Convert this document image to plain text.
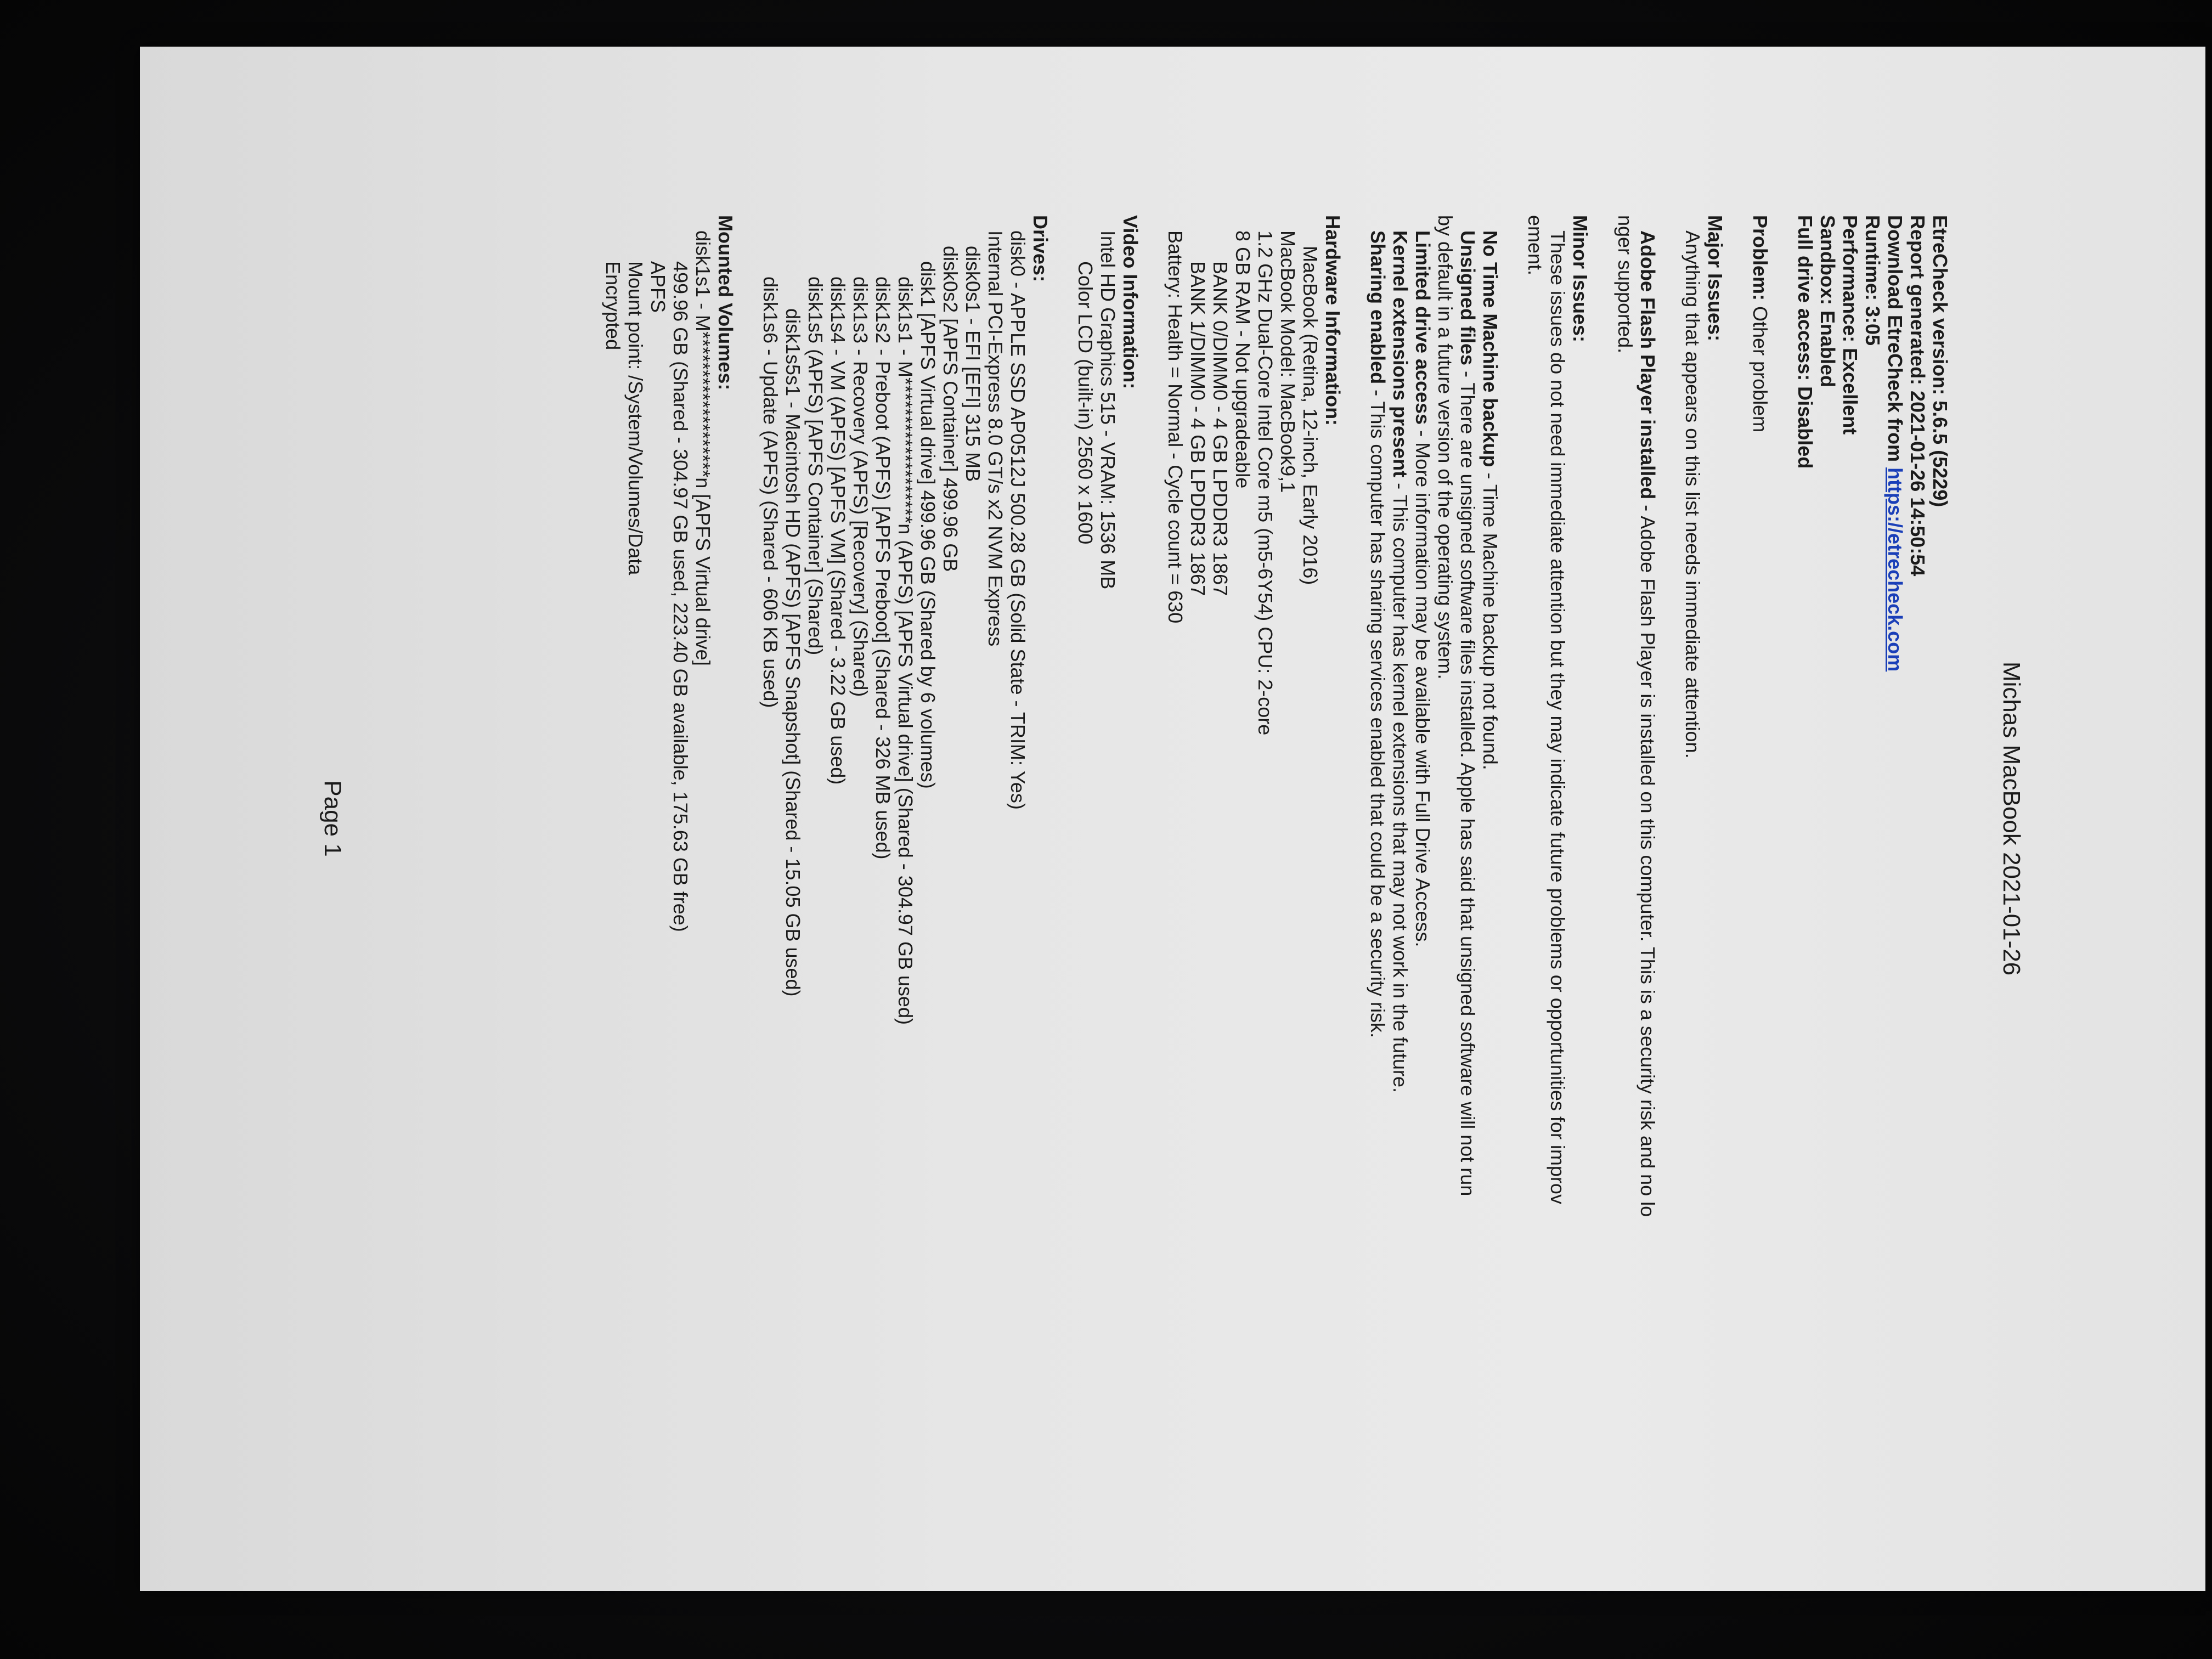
Michas MacBook 2021-01-26
EtreCheck version: 5.6.5 (5229)
Report generated: 2021-01-26 14:50:54
Download EtreCheck from https://etrecheck.com
Runtime: 3:05
Performance: Excellent
Sandbox: Enabled
Full drive access: Disabled
Problem: Other problem
Major Issues:
Anything that appears on this list needs immediate attention.
Adobe Flash Player installed - Adobe Flash Player is installed on this computer. This is a security risk and no lo
nger supported.
Minor Issues:
These issues do not need immediate attention but they may indicate future problems or opportunities for improv
ement.
No Time Machine backup - Time Machine backup not found.
Unsigned files - There are unsigned software files installed. Apple has said that unsigned software will not run
by default in a future version of the operating system.
Limited drive access - More information may be available with Full Drive Access.
Kernel extensions present - This computer has kernel extensions that may not work in the future.
Sharing enabled - This computer has sharing services enabled that could be a security risk.
Hardware Information:
MacBook (Retina, 12-inch, Early 2016)
MacBook Model: MacBook9,1
1.2 GHz Dual-Core Intel Core m5 (m5-6Y54) CPU: 2-core
8 GB RAM - Not upgradeable
BANK 0/DIMM0 - 4 GB LPDDR3 1867
BANK 1/DIMM0 - 4 GB LPDDR3 1867
Battery: Health = Normal - Cycle count = 630
Video Information:
Intel HD Graphics 515 - VRAM: 1536 MB
Color LCD (built-in) 2560 x 1600
Drives:
disk0 - APPLE SSD AP0512J 500.28 GB (Solid State - TRIM: Yes)
Internal PCI-Express 8.0 GT/s x2 NVM Express
disk0s1 - EFI [EFI] 315 MB
disk0s2 [APFS Container] 499.96 GB
disk1 [APFS Virtual drive] 499.96 GB (Shared by 6 volumes)
disk1s1 - M*******************n (APFS) [APFS Virtual drive] (Shared - 304.97 GB used)
disk1s2 - Preboot (APFS) [APFS Preboot] (Shared - 326 MB used)
disk1s3 - Recovery (APFS) [Recovery] (Shared)
disk1s4 - VM (APFS) [APFS VM] (Shared - 3.22 GB used)
disk1s5 (APFS) [APFS Container] (Shared)
disk1s5s1 - Macintosh HD (APFS) [APFS Snapshot] (Shared - 15.05 GB used)
disk1s6 - Update (APFS) (Shared - 606 KB used)
Mounted Volumes:
disk1s1 - M*******************n [APFS Virtual drive]
499.96 GB (Shared - 304.97 GB used, 223.40 GB available, 175.63 GB free)
APFS
Mount point: /System/Volumes/Data
Encrypted
Page 1
